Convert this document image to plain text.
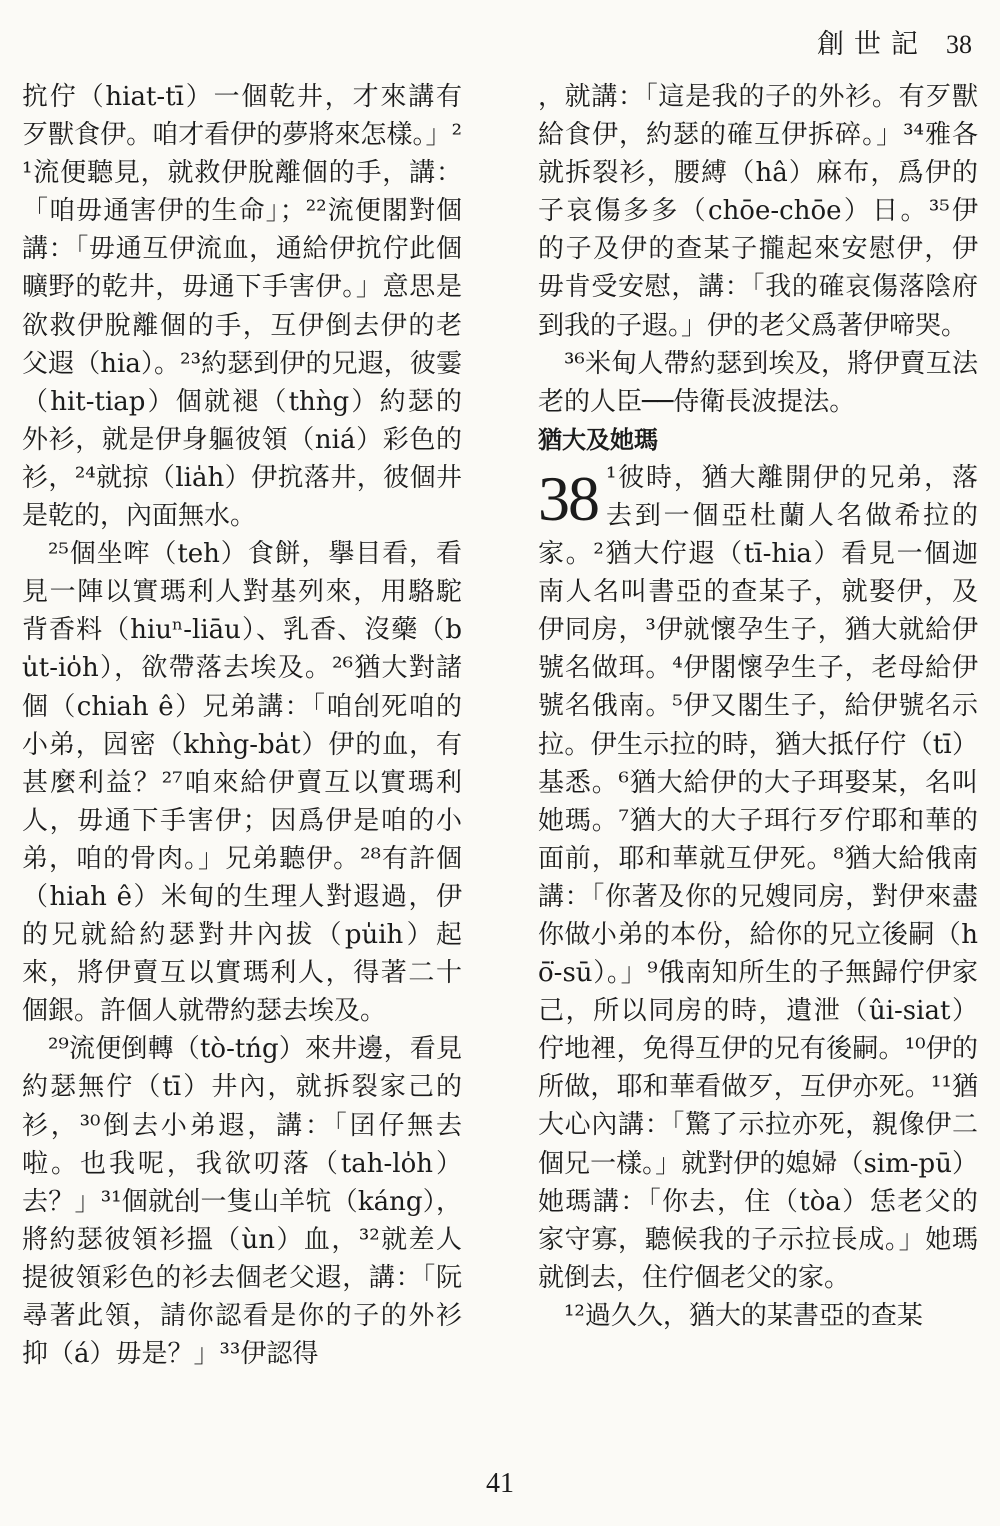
創世記 38

抭佇（hiat-tī）一個乾井，才來講有歹獸食伊。咱才看伊的夢將來怎樣。」²¹流便聽見，就救伊脫離個的手，講：「咱毋通害伊的生命」；²²流便閣對個講：「毋通互伊流血，通給伊抭佇此個曠野的乾井，毋通下手害伊。」意思是欲救伊脫離個的手，互伊倒去伊的老父遐（hia）。²³約瑟到伊的兄遐，彼霎（hit-tiap）個就褪（thǹg）約瑟的外衫，就是伊身軀彼領（niá）彩色的衫，²⁴就掠（lia̍h）伊抭落井，彼個井是乾的，內面無水。

²⁵個坐哰（teh）食餅，擧目看，看見一陣以實瑪利人對基列來，用駱駝背香料（hiuⁿ-liāu）、乳香、沒藥（bu̍t-io̍h），欲帶落去埃及。²⁶猶大對諸個（chiah ê）兄弟講：「咱刣死咱的小弟，囥密（khǹg-ba̍t）伊的血，有甚麼利益？²⁷咱來給伊賣互以實瑪利人，毋通下手害伊；因爲伊是咱的小弟，咱的骨肉。」兄弟聽伊。²⁸有許個（hiah ê）米甸的生理人對遐過，伊的兄就給約瑟對井內拔（pu̍ih）起來，將伊賣互以實瑪利人，得著二十個銀。許個人就帶約瑟去埃及。

²⁹流便倒轉（tò-tńg）來井邊，看見約瑟無佇（tī）井內，就拆裂家己的衫，³⁰倒去小弟遐，講：「囝仔無去啦。也我呢，我欲叨落（tah-lo̍h）去？」³¹個就刣一隻山羊牨（káng），將約瑟彼領衫搵（ùn）血，³²就差人提彼領彩色的衫去個老父遐，講：「阮尋著此領，請你認看是你的子的外衫抑（á）毋是？」³³伊認得

，就講：「這是我的子的外衫。有歹獸給食伊，約瑟的確互伊拆碎。」³⁴雅各就拆裂衫，腰縛（hâ）麻布，爲伊的子哀傷多多（chōe-chōe）日。³⁵伊的子及伊的查某子攏起來安慰伊，伊毋肯受安慰，講：「我的確哀傷落陰府到我的子遐。」伊的老父爲著伊啼哭。

³⁶米甸人帶約瑟到埃及，將伊賣互法老的人臣──侍衛長波提法。

猶大及她瑪

38 ¹彼時，猶大離開伊的兄弟，落去到一個亞杜蘭人名做希拉的家。²猶大佇遐（tī-hia）看見一個迦南人名叫書亞的查某子，就娶伊，及伊同房，³伊就懷孕生子，猶大就給伊號名做珥。⁴伊閣懷孕生子，老母給伊號名俄南。⁵伊又閣生子，給伊號名示拉。伊生示拉的時，猶大抵仔佇（tī）基悉。⁶猶大給伊的大子珥娶某，名叫她瑪。⁷猶大的大子珥行歹佇耶和華的面前，耶和華就互伊死。⁸猶大給俄南講：「你著及你的兄嫂同房，對伊來盡你做小弟的本份，給你的兄立後嗣（hō͘-sū）。」⁹俄南知所生的子無歸佇伊家己，所以同房的時，遺泄（ûi-siat）佇地裡，免得互伊的兄有後嗣。¹⁰伊的所做，耶和華看做歹，互伊亦死。¹¹猶大心內講：「驚了示拉亦死，親像伊二個兄一樣。」就對伊的媳婦（sim-pū）她瑪講：「你去，住（tòa）恁老父的家守寡，聽候我的子示拉長成。」她瑪就倒去，住佇個老父的家。

¹²過久久，猶大的某書亞的查某

41
